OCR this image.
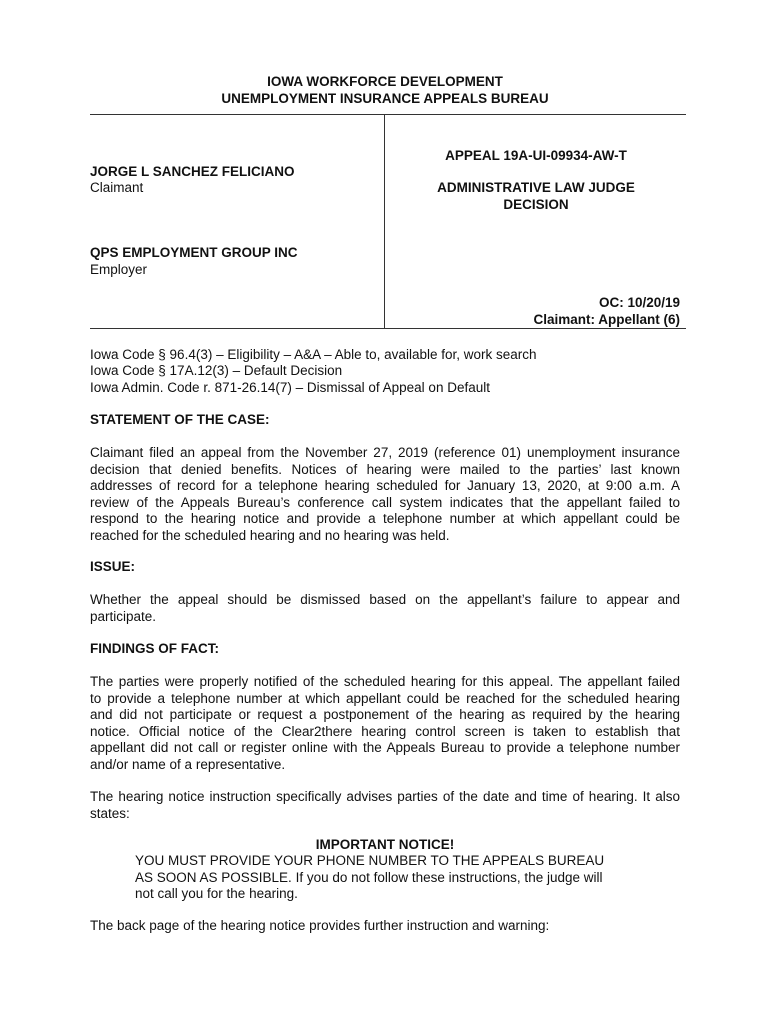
IOWA WORKFORCE DEVELOPMENT
UNEMPLOYMENT INSURANCE APPEALS BUREAU
JORGE L SANCHEZ FELICIANO
Claimant
QPS EMPLOYMENT GROUP INC
Employer
APPEAL 19A-UI-09934-AW-T
ADMINISTRATIVE LAW JUDGE
DECISION
OC: 10/20/19
Claimant: Appellant (6)
Iowa Code § 96.4(3) – Eligibility – A&A – Able to, available for, work search
Iowa Code § 17A.12(3) – Default Decision
Iowa Admin. Code r. 871-26.14(7) – Dismissal of Appeal on Default
STATEMENT OF THE CASE:
Claimant filed an appeal from the November 27, 2019 (reference 01) unemployment insurance
decision that denied benefits. Notices of hearing were mailed to the parties’ last known
addresses of record for a telephone hearing scheduled for January 13, 2020, at 9:00 a.m. A
review of the Appeals Bureau’s conference call system indicates that the appellant failed to
respond to the hearing notice and provide a telephone number at which appellant could be
reached for the scheduled hearing and no hearing was held.
ISSUE:
Whether the appeal should be dismissed based on the appellant’s failure to appear and
participate.
FINDINGS OF FACT:
The parties were properly notified of the scheduled hearing for this appeal. The appellant failed
to provide a telephone number at which appellant could be reached for the scheduled hearing
and did not participate or request a postponement of the hearing as required by the hearing
notice. Official notice of the Clear2there hearing control screen is taken to establish that
appellant did not call or register online with the Appeals Bureau to provide a telephone number
and/or name of a representative.
The hearing notice instruction specifically advises parties of the date and time of hearing. It also
states:
IMPORTANT NOTICE!
YOU MUST PROVIDE YOUR PHONE NUMBER TO THE APPEALS BUREAU
AS SOON AS POSSIBLE. If you do not follow these instructions, the judge will
not call you for the hearing.
The back page of the hearing notice provides further instruction and warning:
